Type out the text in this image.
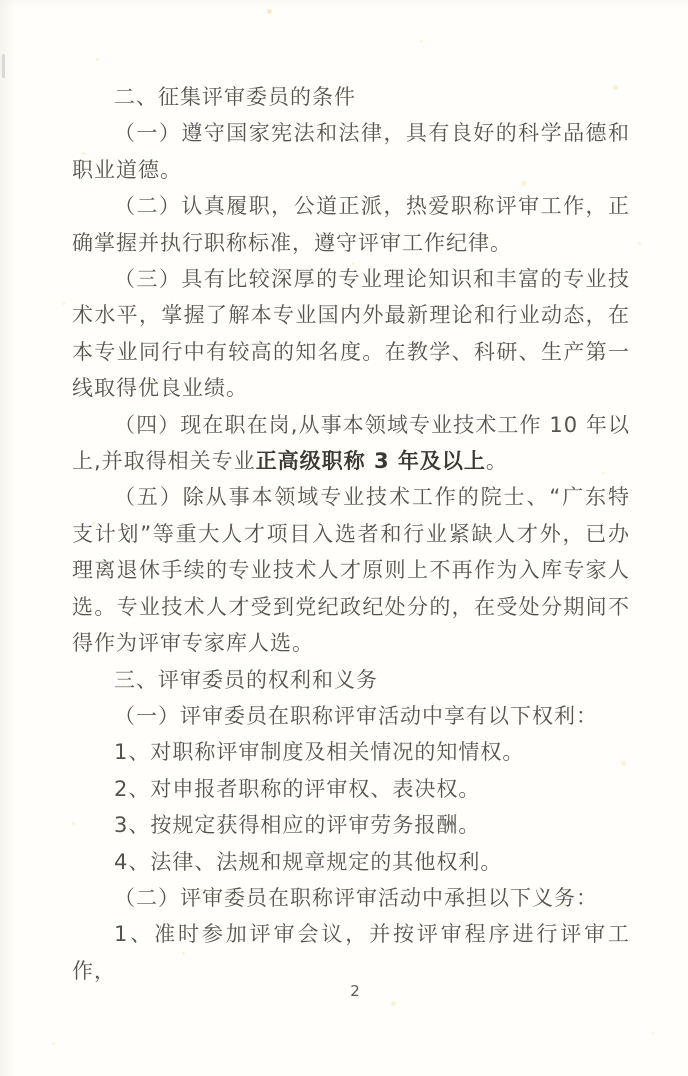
二、征集评审委员的条件

（一）遵守国家宪法和法律，具有良好的科学品德和职业道德。

（二）认真履职，公道正派，热爱职称评审工作，正确掌握并执行职称标准，遵守评审工作纪律。

（三）具有比较深厚的专业理论知识和丰富的专业技术水平，掌握了解本专业国内外最新理论和行业动态，在本专业同行中有较高的知名度。在教学、科研、生产第一线取得优良业绩。

（四）现在职在岗,从事本领域专业技术工作 10 年以上,并取得相关专业正高级职称 3 年及以上。

（五）除从事本领域专业技术工作的院士、“广东特支计划”等重大人才项目入选者和行业紧缺人才外，已办理离退休手续的专业技术人才原则上不再作为入库专家人选。专业技术人才受到党纪政纪处分的，在受处分期间不得作为评审专家库人选。

三、评审委员的权利和义务

（一）评审委员在职称评审活动中享有以下权利：

1、对职称评审制度及相关情况的知情权。

2、对申报者职称的评审权、表决权。

3、按规定获得相应的评审劳务报酬。

4、法律、法规和规章规定的其他权利。

（二）评审委员在职称评审活动中承担以下义务：

1、准时参加评审会议，并按评审程序进行评审工作，

2
